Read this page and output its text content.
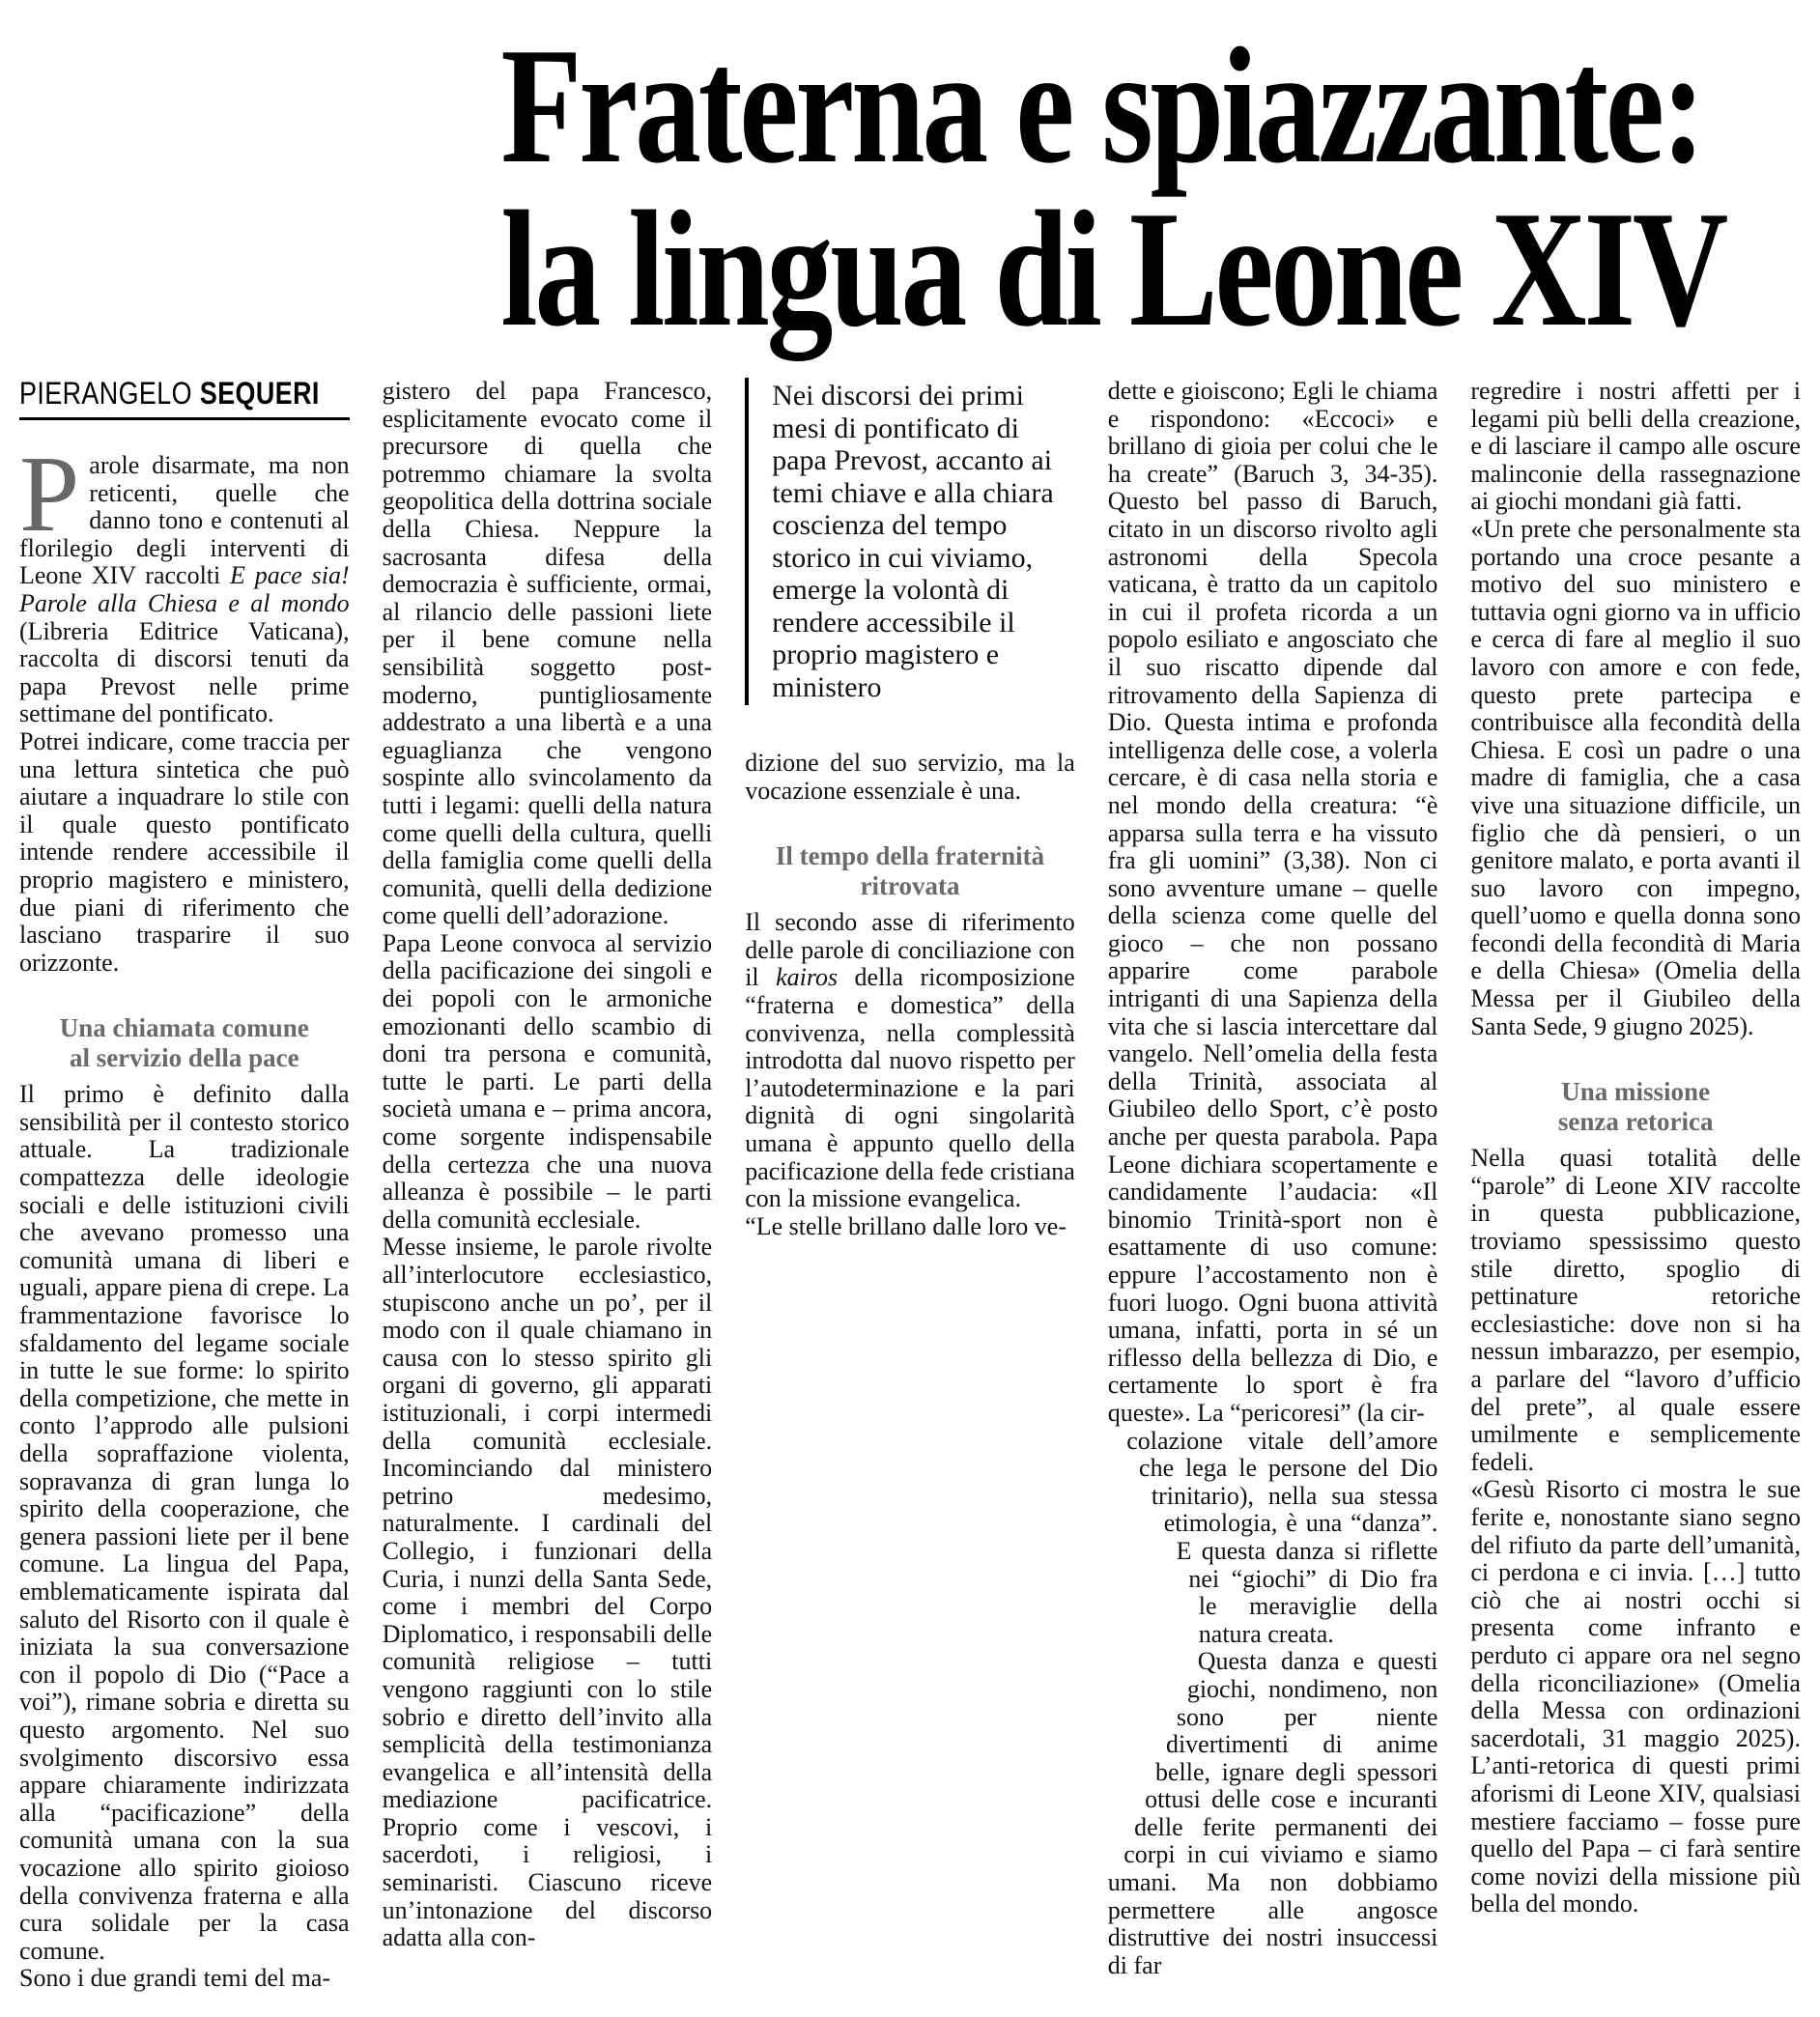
Fraterna e spiazzante:
la lingua di Leone XIV
PIERANGELO SEQUERI

Parole disarmate, ma non reticenti, quelle che danno tono e contenuti al florilegio degli interventi di Leone XIV raccolti E pace sia! Parole alla Chiesa e al mondo (Libreria Editrice Vaticana), raccolta di discorsi tenuti da papa Prevost nelle prime settimane del pontificato.

Potrei indicare, come traccia per una lettura sintetica che può aiutare a inquadrare lo stile con il quale questo pontificato intende rendere accessibile il proprio magistero e ministero, due piani di riferimento che lasciano trasparire il suo orizzonte.

Una chiamata comune
al servizio della pace

Il primo è definito dalla sensibilità per il contesto storico attuale. La tradizionale compattezza delle ideologie sociali e delle istituzioni civili che avevano promesso una comunità umana di liberi e uguali, appare piena di crepe. La frammentazione favorisce lo sfaldamento del legame sociale in tutte le sue forme: lo spirito della competizione, che mette in conto l’approdo alle pulsioni della sopraffazione violenta, sopravanza di gran lunga lo spirito della cooperazione, che genera passioni liete per il bene comune. La lingua del Papa, emblematicamente ispirata dal saluto del Risorto con il quale è iniziata la sua conversazione con il popolo di Dio (“Pace a voi”), rimane sobria e diretta su questo argomento. Nel suo svolgimento discorsivo essa appare chiaramente indirizzata alla “pacificazione” della comunità umana con la sua vocazione allo spirito gioioso della convivenza fraterna e alla cura solidale per la casa comune.

Sono i due grandi temi del ma-

gistero del papa Francesco, esplicitamente evocato come il precursore di quella che potremmo chiamare la svolta geopolitica della dottrina sociale della Chiesa. Neppure la sacrosanta difesa della democrazia è sufficiente, ormai, al rilancio delle passioni liete per il bene comune nella sensibilità soggetto post-moderno, puntigliosamente addestrato a una libertà e a una eguaglianza che vengono sospinte allo svincolamento da tutti i legami: quelli della natura come quelli della cultura, quelli della famiglia come quelli della comunità, quelli della dedizione come quelli dell’adorazione.

Papa Leone convoca al servizio della pacificazione dei singoli e dei popoli con le armoniche emozionanti dello scambio di doni tra persona e comunità, tutte le parti. Le parti della società umana e – prima ancora, come sorgente indispensabile della certezza che una nuova alleanza è possibile – le parti della comunità ecclesiale.

Messe insieme, le parole rivolte all’interlocutore ecclesiastico, stupiscono anche un po’, per il modo con il quale chiamano in causa con lo stesso spirito gli organi di governo, gli apparati istituzionali, i corpi intermedi della comunità ecclesiale. Incominciando dal ministero petrino medesimo, naturalmente. I cardinali del Collegio, i funzionari della Curia, i nunzi della Santa Sede, come i membri del Corpo Diplomatico, i responsabili delle comunità religiose – tutti vengono raggiunti con lo stile sobrio e diretto dell’invito alla semplicità della testimonianza evangelica e all’intensità della mediazione pacificatrice. Proprio come i vescovi, i sacerdoti, i religiosi, i seminaristi. Ciascuno riceve un’intonazione del discorso adatta alla con-

Nei discorsi dei primi mesi di pontificato di papa Prevost, accanto ai temi chiave e alla chiara coscienza del tempo storico in cui viviamo, emerge la volontà di rendere accessibile il proprio magistero e ministero

dizione del suo servizio, ma la vocazione essenziale è una.

Il tempo della fraternità
ritrovata

Il secondo asse di riferimento delle parole di conciliazione con il kairos della ricomposizione “fraterna e domestica” della convivenza, nella complessità introdotta dal nuovo rispetto per l’autodeterminazione e la pari dignità di ogni singolarità umana è appunto quello della pacificazione della fede cristiana con la missione evangelica.

“Le stelle brillano dalle loro ve-

dette e gioiscono; Egli le chiama e rispondono: «Eccoci» e brillano di gioia per colui che le ha create” (Baruch 3, 34-35). Questo bel passo di Baruch, citato in un discorso rivolto agli astronomi della Specola vaticana, è tratto da un capitolo in cui il profeta ricorda a un popolo esiliato e angosciato che il suo riscatto dipende dal ritrovamento della Sapienza di Dio. Questa intima e profonda intelligenza delle cose, a volerla cercare, è di casa nella storia e nel mondo della creatura: “è apparsa sulla terra e ha vissuto fra gli uomini” (3,38). Non ci sono avventure umane – quelle della scienza come quelle del gioco – che non possano apparire come parabole intriganti di una Sapienza della vita che si lascia intercettare dal vangelo. Nell’omelia della festa della Trinità, associata al Giubileo dello Sport, c’è posto anche per questa parabola. Papa Leone dichiara scopertamente e candidamente l’audacia: «Il binomio Trinità-sport non è esattamente di uso comune: eppure l’accostamento non è fuori luogo. Ogni buona attività umana, infatti, porta in sé un riflesso della bellezza di Dio, e certamente lo sport è fra queste». La “pericoresi” (la cir-

colazione vitale dell’amore che lega le persone del Dio trinitario), nella sua stessa etimologia, è una “danza”. E questa danza si riflette nei “giochi” di Dio fra le meraviglie della natura creata.

Questa danza e questi giochi, nondimeno, non sono per niente divertimenti di anime belle, ignare degli spessori ottusi delle cose e incuranti delle ferite permanenti dei corpi in cui viviamo e siamo umani. Ma non dobbiamo permettere alle angosce distruttive dei nostri insuccessi di far

regredire i nostri affetti per i legami più belli della creazione, e di lasciare il campo alle oscure malinconie della rassegnazione ai giochi mondani già fatti.

«Un prete che personalmente sta portando una croce pesante a motivo del suo ministero e tuttavia ogni giorno va in ufficio e cerca di fare al meglio il suo lavoro con amore e con fede, questo prete partecipa e contribuisce alla fecondità della Chiesa. E così un padre o una madre di famiglia, che a casa vive una situazione difficile, un figlio che dà pensieri, o un genitore malato, e porta avanti il suo lavoro con impegno, quell’uomo e quella donna sono fecondi della fecondità di Maria e della Chiesa» (Omelia della Messa per il Giubileo della Santa Sede, 9 giugno 2025).

Una missione
senza retorica

Nella quasi totalità delle “parole” di Leone XIV raccolte in questa pubblicazione, troviamo spessissimo questo stile diretto, spoglio di pettinature retoriche ecclesiastiche: dove non si ha nessun imbarazzo, per esempio, a parlare del “lavoro d’ufficio del prete”, al quale essere umilmente e semplicemente fedeli.

«Gesù Risorto ci mostra le sue ferite e, nonostante siano segno del rifiuto da parte dell’umanità, ci perdona e ci invia. […] tutto ciò che ai nostri occhi si presenta come infranto e perduto ci appare ora nel segno della riconciliazione» (Omelia della Messa con ordinazioni sacerdotali, 31 maggio 2025). L’anti-retorica di questi primi aforismi di Leone XIV, qualsiasi mestiere facciamo – fosse pure quello del Papa – ci farà sentire come novizi della missione più bella del mondo.
